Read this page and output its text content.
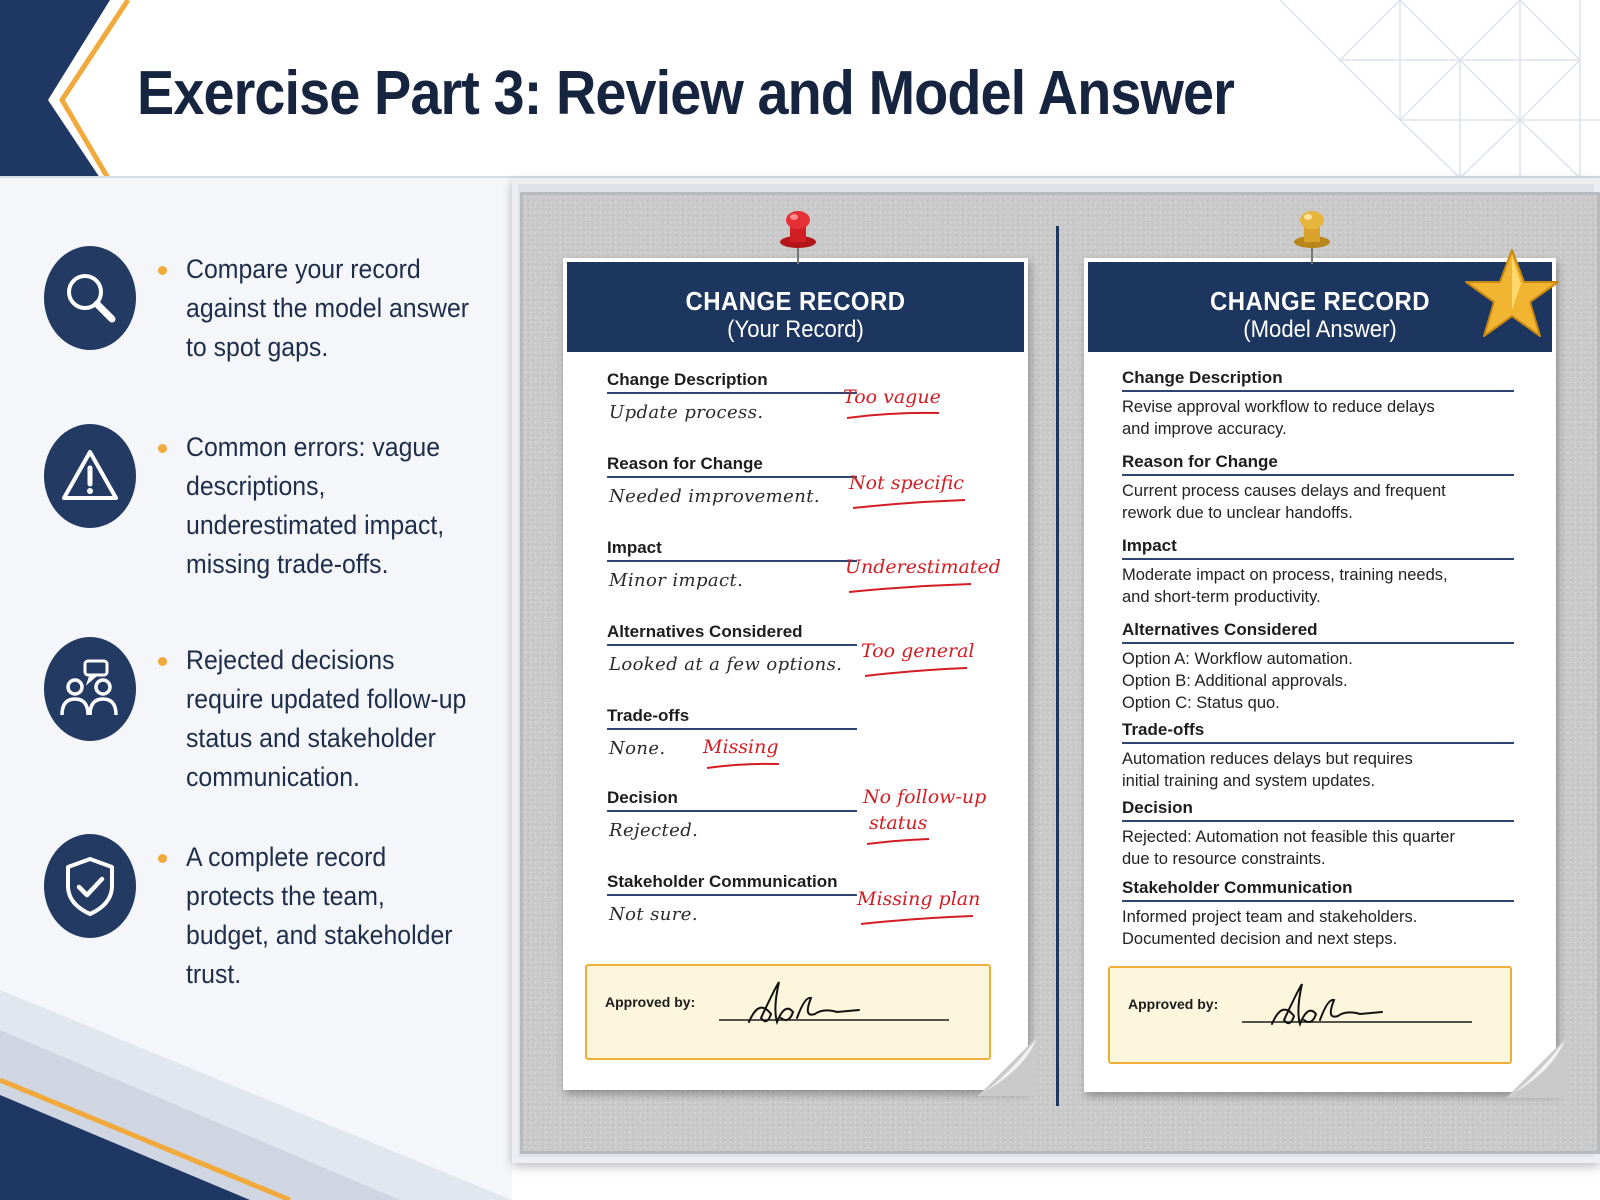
Exercise Part 3: Review and Model Answer
Compare your record against the model answer to spot gaps.
Common errors: vague descriptions, underestimated impact, missing trade-offs.
Rejected decisions require updated follow-up status and stakeholder communication.
A complete record protects the team, budget, and stakeholder trust.
CHANGE RECORD
(Your Record)
Change Description
Update process.
Too vague
Reason for Change
Needed improvement.
Not specific
Impact
Minor impact.
Underestimated
Alternatives Considered
Looked at a few options.
Too general
Trade-offs
None. Missing
Decision
Rejected.
No follow-up
status
Stakeholder Communication
Not sure.
Missing plan
Approved by:
CHANGE RECORD
(Model Answer)
Change Description
Revise approval workflow to reduce delays
and improve accuracy.
Reason for Change
Current process causes delays and frequent
rework due to unclear handoffs.
Impact
Moderate impact on process, training needs,
and short-term productivity.
Alternatives Considered
Option A: Workflow automation.
Option B: Additional approvals.
Option C: Status quo.
Trade-offs
Automation reduces delays but requires
initial training and system updates.
Decision
Rejected: Automation not feasible this quarter
due to resource constraints.
Stakeholder Communication
Informed project team and stakeholders.
Documented decision and next steps.
Approved by:
